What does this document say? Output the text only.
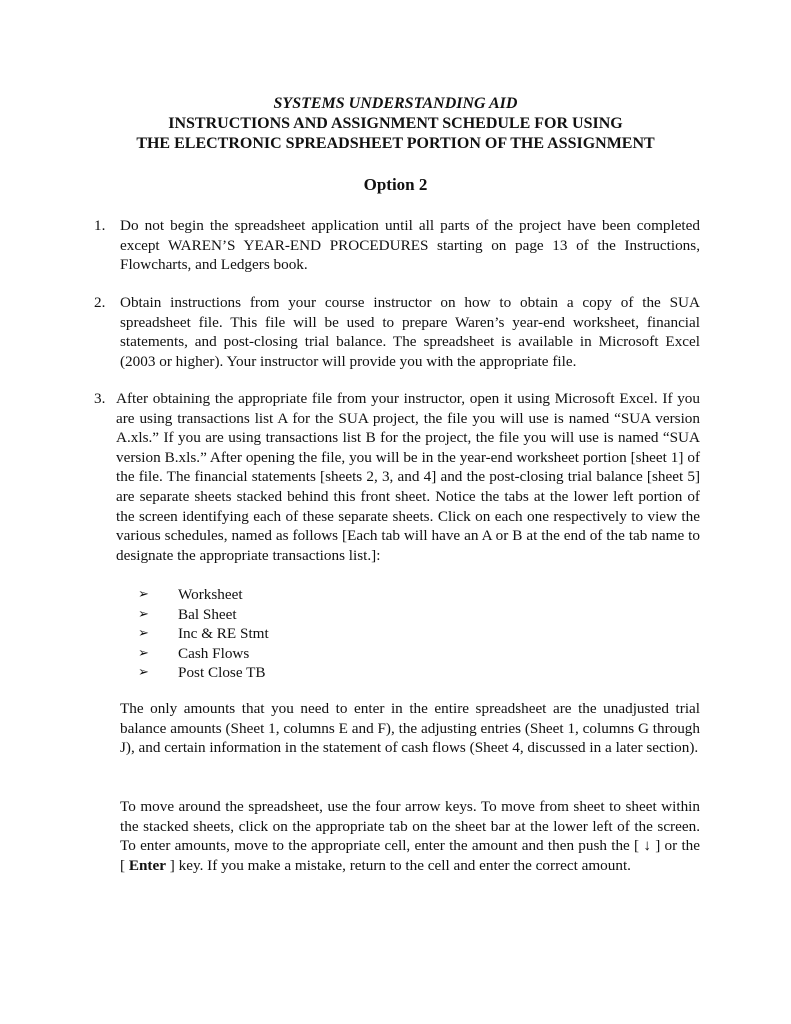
SYSTEMS UNDERSTANDING AID
INSTRUCTIONS AND ASSIGNMENT SCHEDULE FOR USING
THE ELECTRONIC SPREADSHEET PORTION OF THE ASSIGNMENT
Option 2
1. Do not begin the spreadsheet application until all parts of the project have been completed except WAREN’S YEAR-END PROCEDURES starting on page 13 of the Instructions, Flowcharts, and Ledgers book.
2. Obtain instructions from your course instructor on how to obtain a copy of the SUA spreadsheet file. This file will be used to prepare Waren’s year-end worksheet, financial statements, and post-closing trial balance. The spreadsheet is available in Microsoft Excel (2003 or higher). Your instructor will provide you with the appropriate file.
3. After obtaining the appropriate file from your instructor, open it using Microsoft Excel. If you are using transactions list A for the SUA project, the file you will use is named “SUA version A.xls.” If you are using transactions list B for the project, the file you will use is named “SUA version B.xls.” After opening the file, you will be in the year-end worksheet portion [sheet 1] of the file. The financial statements [sheets 2, 3, and 4] and the post-closing trial balance [sheet 5] are separate sheets stacked behind this front sheet. Notice the tabs at the lower left portion of the screen identifying each of these separate sheets. Click on each one respectively to view the various schedules, named as follows [Each tab will have an A or B at the end of the tab name to designate the appropriate transactions list.]:
➢ Worksheet
➢ Bal Sheet
➢ Inc & RE Stmt
➢ Cash Flows
➢ Post Close TB
The only amounts that you need to enter in the entire spreadsheet are the unadjusted trial balance amounts (Sheet 1, columns E and F), the adjusting entries (Sheet 1, columns G through J), and certain information in the statement of cash flows (Sheet 4, discussed in a later section).
To move around the spreadsheet, use the four arrow keys. To move from sheet to sheet within the stacked sheets, click on the appropriate tab on the sheet bar at the lower left of the screen. To enter amounts, move to the appropriate cell, enter the amount and then push the [ ↓ ] or the [ Enter ] key. If you make a mistake, return to the cell and enter the correct amount.
